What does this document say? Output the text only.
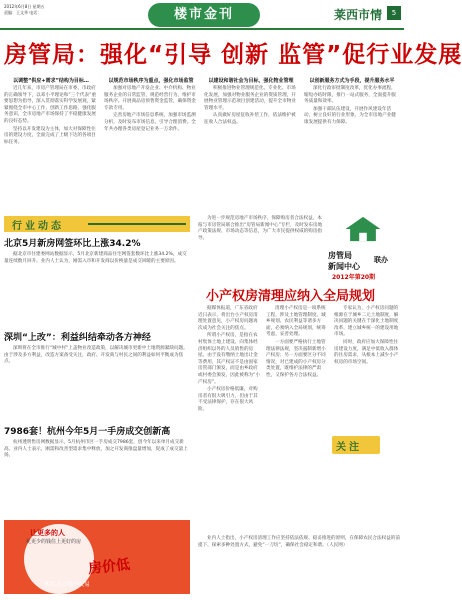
2012年6月8日 星期五
责编：王文华 电话：	楼市金刊	莱西市情	5
房管局：强化“引导 创新 监管”促行业发展
以调整“供应+需求”结构为目标…

近几年来，市房产管理局在市委、市政府的正确领导下，以邓小平理论和“三个代表”重要思想为指导，深入贯彻落实科学发展观，紧紧围绕全市中心工作，创新工作思路，强化服务意识，全市房地产市场保持了平稳健康发展的良好态势。

坚持以开发建设为主体，加大对保障性住房的建设力度，全面完成了上级下达的各项目标任务。

以规范市场秩序为重点，强化市场监管

加强对房地产开发企业、中介机构、物业服务企业的日常监管，规范经营行为，维护市场秩序。开展商品房预售资金监管，确保资金专款专用。

完善房地产市场信息系统，加强市场监测分析，及时发布市场信息，引导合理消费。全年共办理各类房屋登记业务一万余件。

以建设和谐社会为目标，强化物业管理

积极推进物业管理规范化、专业化、市场化发展，加强对物业服务企业的资质管理，开展物业管理示范项目创建活动，提升全市物业管理水平。

认真做好房屋征收补偿工作，依法维护被征收人合法权益。

以创新服务方式为手段，提升服务水平

深化行政审批制度改革，优化办事流程，缩短办结时限，推行一站式服务，全面提升服务质量和效率。

加强干部队伍建设，开展作风建设年活动，树立良好的行业形象，为全市房地产业健康发展提供有力保障。

行业动态
北京5月新房网签环比上涨34.2%

据北京市住建委网站数据显示，5月北京新建商品住宅网签套数环比上涨34.2%，成交量连续数月回升。业内人士认为，刚需入市和开发商以价换量是成交回暖的主要原因。

深圳“上改”：利益纠结牵动各方神经

深圳将在全市推行“城中村”上盖物业改造政策，以解决城市更新中土地资源紧缺问题。由于涉及多方利益，改造方案备受关注，政府、开发商与村民之间的利益如何平衡成为焦点。

7986套！杭州今年5月一手房成交创新高

杭州透明售房网数据显示，5月杭州市区一手房成交7986套，创今年以来单月成交新高。业内人士表示，刚需和改善型需求集中释放，加之开发商推盘量增加，促成了成交量上扬。

让更多的人
花更少的钱住上更好的房
房价低
莱西·市房地产交易

为进一步规范房地产市场秩序，保障购房者合法权益，本报与市房管局联合推出“房管局新闻中心”专栏，及时发布房地产政策法规、市场动态等信息，为广大市民提供权威的购房指导。

房管局
新闻中心
联办
2012年第20期
小产权房清理应纳入全局规划

据媒体报道，广东省政府近日表示，将出台小产权房清理处置意见，小产权房问题再次成为社会关注的焦点。

所谓小产权房，是指在农村集体土地上建设、向集体经济组织以外的人员销售的房屋。由于没有缴纳土地出让金等费用，其产权证不是由国家房管部门颁发，而是由乡政府或村委会颁发，因此被称为“小产权房”。

小产权房价格低廉，对购房者有很大吸引力，但由于其不受法律保护，存在很大风险。

清理小产权房是一项系统工程，涉及土地管理制度、城乡规划、农民利益等诸多方面，必须纳入全局规划，统筹考虑，妥善处理。

一方面要严格执行土地管理法律法规，坚决遏制新增小产权房；另一方面要区分不同情况，对已建成的小产权房分类处置，既维护法律的严肃性，又保护各方合法权益。

专家认为，小产权房问题的根源在于城乡二元土地制度，解决问题的关键在于深化土地制度改革，建立城乡统一的建设用地市场。

同时，政府应加大保障性住房建设力度，满足中低收入群体的住房需求，从根本上减少小产权房的市场空间。

关注

业内人士指出，小产权房清理工作应坚持依法依规、稳妥推进的原则，在保障农民合法权益的前提下，探索多种处置方式，避免“一刀切”，确保社会稳定和谐。（人民网）
